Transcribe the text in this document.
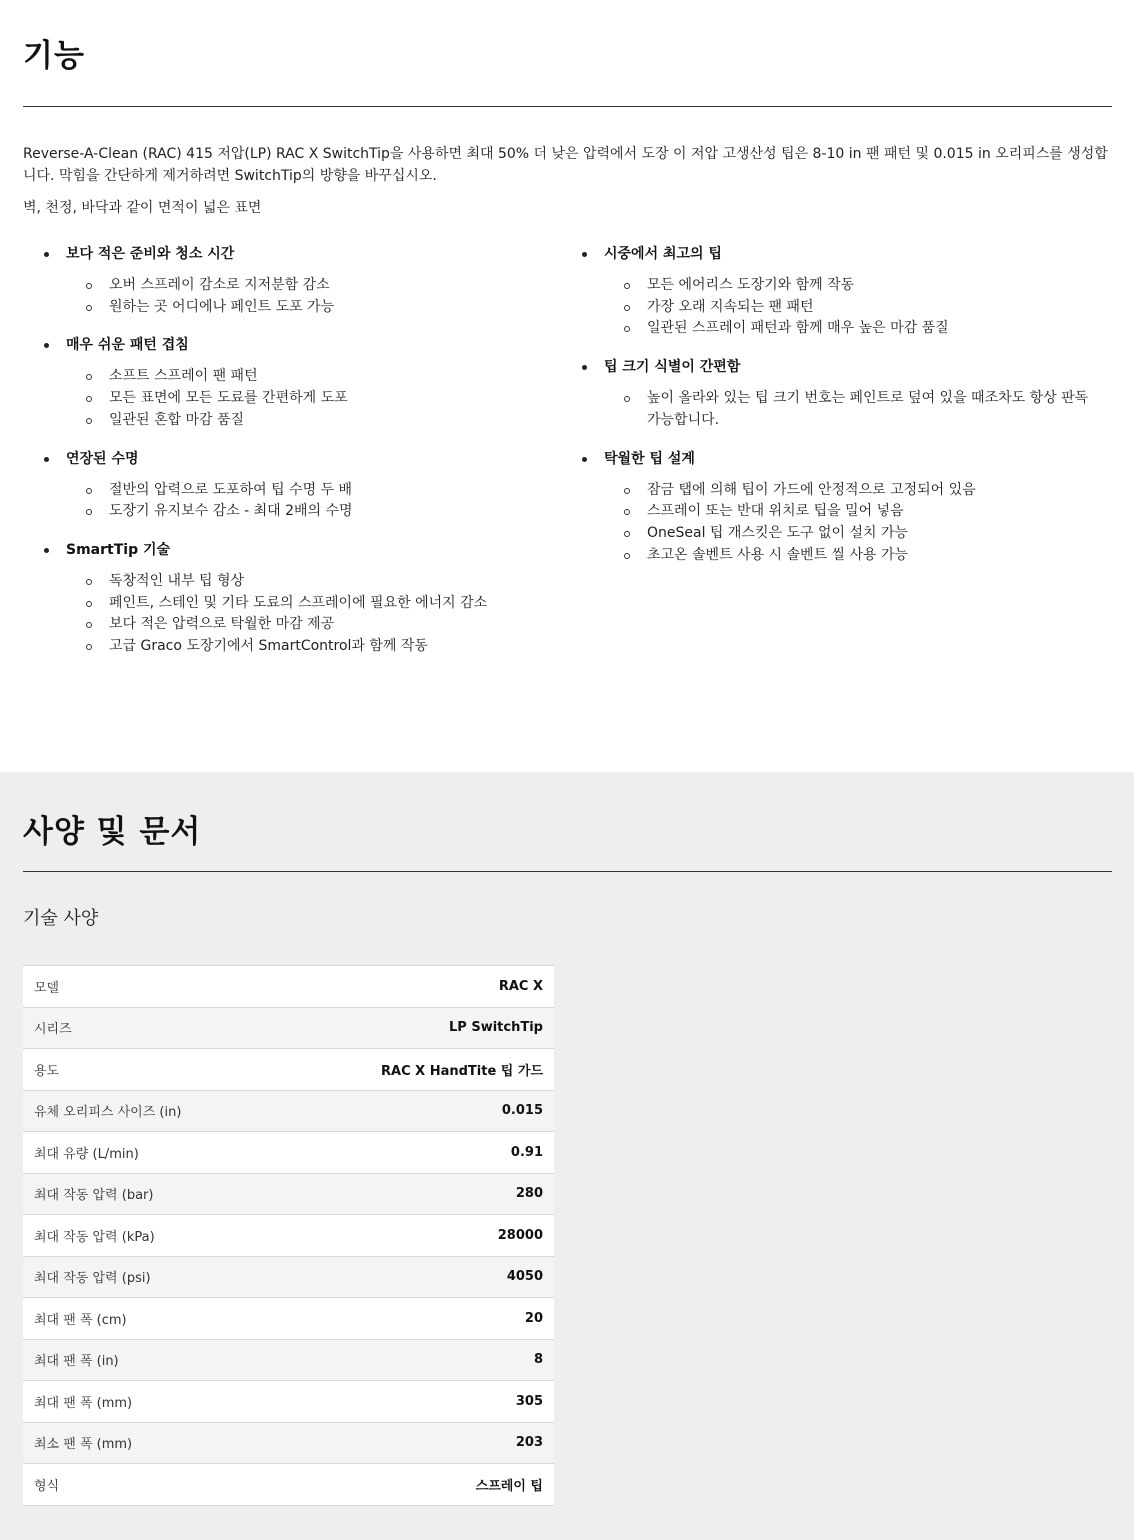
기능

Reverse-A-Clean (RAC) 415 저압(LP) RAC X SwitchTip을 사용하면 최대 50% 더 낮은 압력에서 도장 이 저압 고생산성 팁은 8-10 in 팬 패턴 및 0.015 in 오리피스를 생성합니다. 막힘을 간단하게 제거하려면 SwitchTip의 방향을 바꾸십시오.

벽, 천정, 바닥과 같이 면적이 넓은 표면

보다 적은 준비와 청소 시간
오버 스프레이 감소로 지저분함 감소
원하는 곳 어디에나 페인트 도포 가능
매우 쉬운 패턴 겹침
소프트 스프레이 팬 패턴
모든 표면에 모든 도료를 간편하게 도포
일관된 혼합 마감 품질
연장된 수명
절반의 압력으로 도포하여 팁 수명 두 배
도장기 유지보수 감소 - 최대 2배의 수명
SmartTip 기술
독창적인 내부 팁 형상
페인트, 스테인 및 기타 도료의 스프레이에 필요한 에너지 감소
보다 적은 압력으로 탁월한 마감 제공
고급 Graco 도장기에서 SmartControl과 함께 작동
시중에서 최고의 팁
모든 에어리스 도장기와 함께 작동
가장 오래 지속되는 팬 패턴
일관된 스프레이 패턴과 함께 매우 높은 마감 품질
팁 크기 식별이 간편함
높이 올라와 있는 팁 크기 번호는 페인트로 덮여 있을 때조차도 항상 판독 가능합니다.
탁월한 팁 설계
잠금 탭에 의해 팁이 가드에 안정적으로 고정되어 있음
스프레이 또는 반대 위치로 팁을 밀어 넣음
OneSeal 팁 개스킷은 도구 없이 설치 가능
초고온 솔벤트 사용 시 솔벤트 씰 사용 가능
사양 및 문서
기술 사양
모델	RAC X
시리즈	LP SwitchTip
용도	RAC X HandTite 팁 가드
유체 오리피스 사이즈 (in)	0.015
최대 유량 (L/min)	0.91
최대 작동 압력 (bar)	280
최대 작동 압력 (kPa)	28000
최대 작동 압력 (psi)	4050
최대 팬 폭 (cm)	20
최대 팬 폭 (in)	8
최대 팬 폭 (mm)	305
최소 팬 폭 (mm)	203
형식	스프레이 팁
